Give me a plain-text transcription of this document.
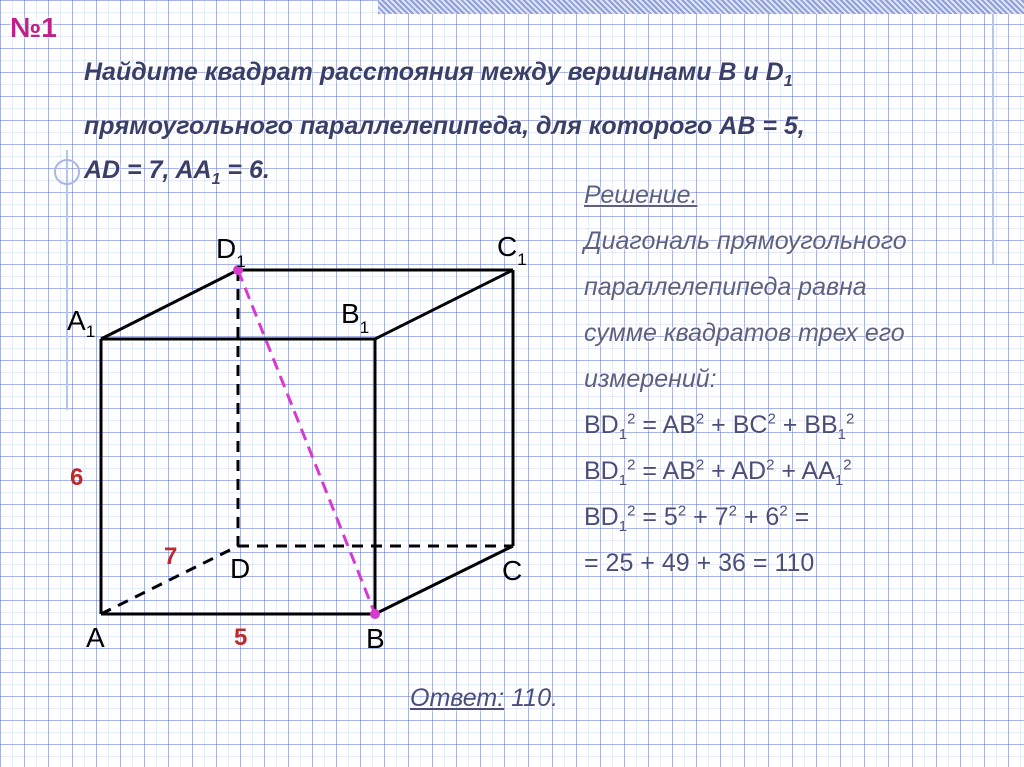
№1
Найдите квадрат расстояния между вершинами B и $D_1$
прямоугольного параллелепипеда, для которого AB = 5,
AD = 7, $AA_1 = 6$.
A	B
C
D
$A_1$
$B_1$
$C_1$
$D_1$
6
7
5
Решение.
Диагональ прямоугольного
параллелепипеда равна
сумме квадратов трех его
измерений:
$BD_1^2 = AB^2 + BC^2 + BB_1^2$
$BD_1^2 = AB^2 + AD^2 + AA_1^2$
$BD_1^2 = 5^2 + 7^2 + 6^2$ =
= 25 + 49 + 36 = 110
Ответ: 110.
